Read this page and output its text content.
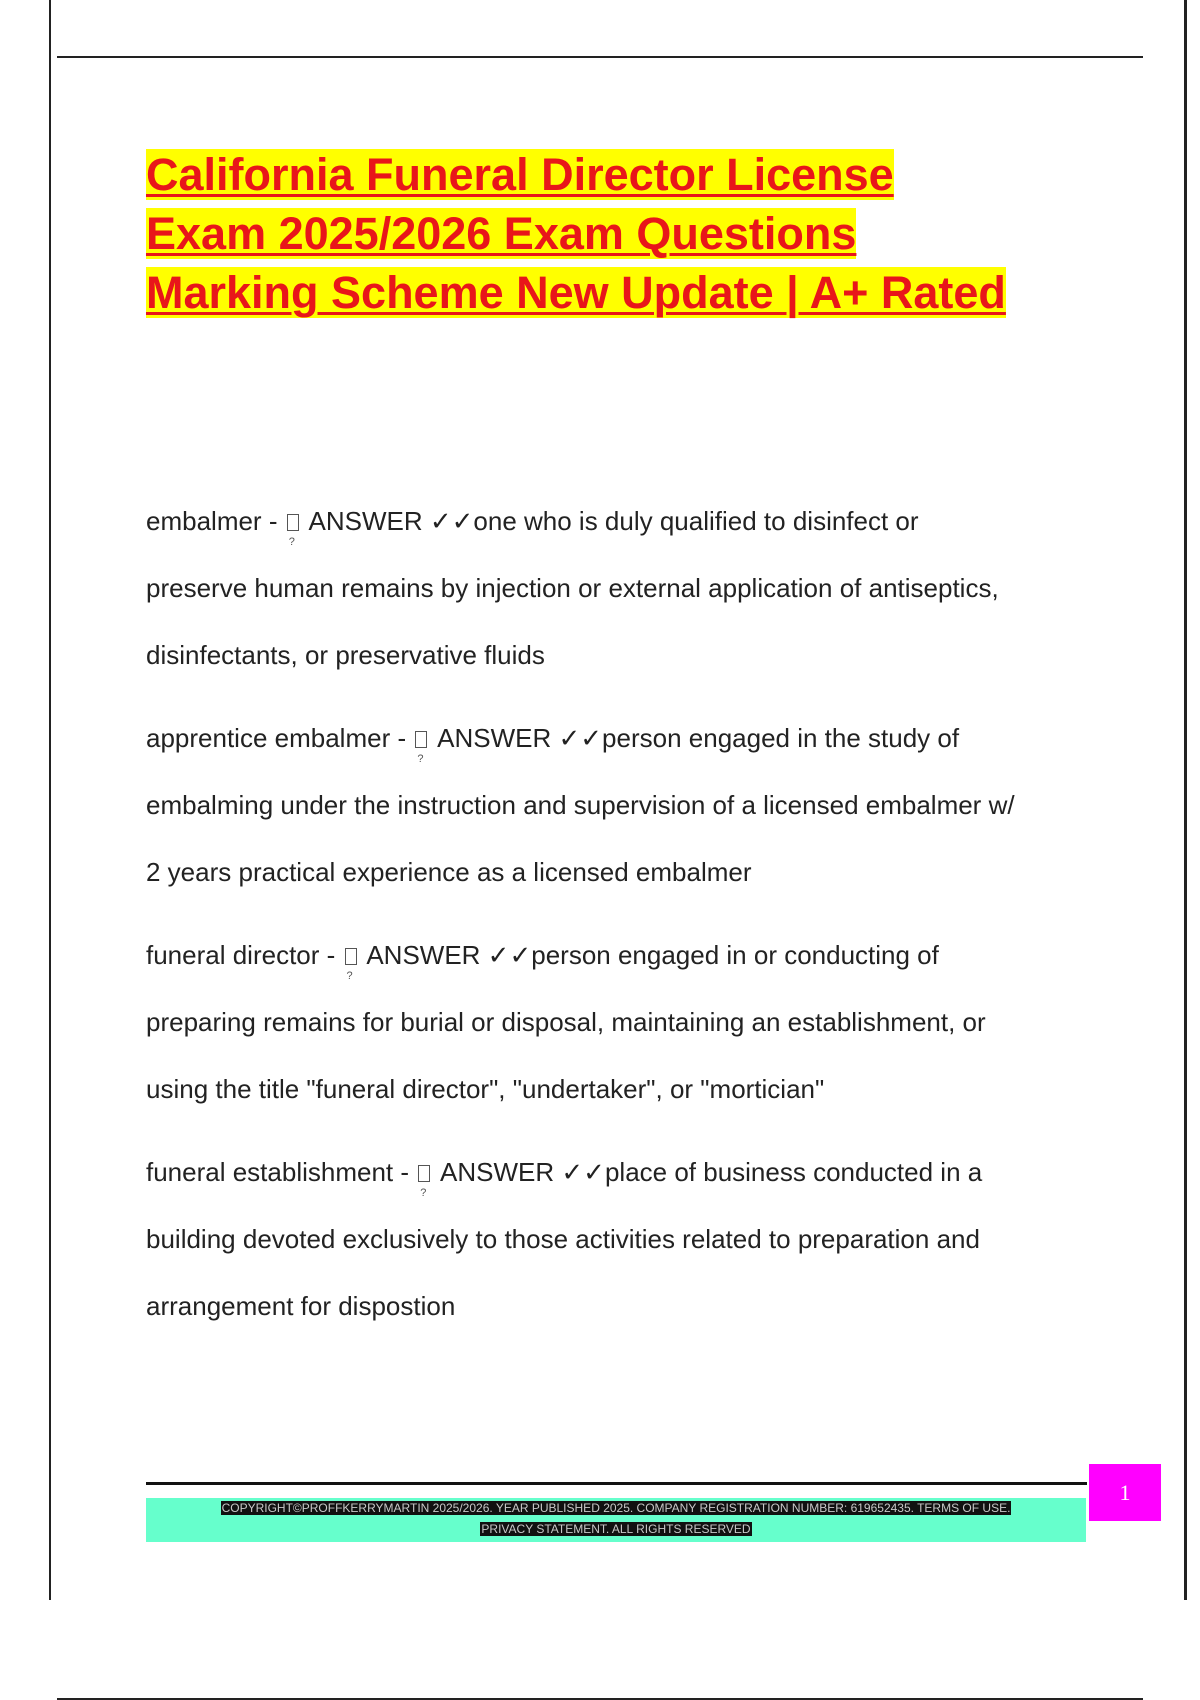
California Funeral Director License
Exam 2025/2026 Exam Questions
Marking Scheme New Update | A+ Rated

embalmer - ? ANSWER ✓✓one who is duly qualified to disinfect or
preserve human remains by injection or external application of antiseptics,
disinfectants, or preservative fluids

apprentice embalmer - ? ANSWER ✓✓person engaged in the study of
embalming under the instruction and supervision of a licensed embalmer w/
2 years practical experience as a licensed embalmer

funeral director - ? ANSWER ✓✓person engaged in or conducting of
preparing remains for burial or disposal, maintaining an establishment, or
using the title "funeral director", "undertaker", or "mortician"

funeral establishment - ? ANSWER ✓✓place of business conducted in a
building devoted exclusively to those activities related to preparation and
arrangement for dispostion

COPYRIGHT©PROFFKERRYMARTIN 2025/2026. YEAR PUBLISHED 2025. COMPANY REGISTRATION NUMBER: 619652435. TERMS OF USE.
PRIVACY STATEMENT. ALL RIGHTS RESERVED
1
